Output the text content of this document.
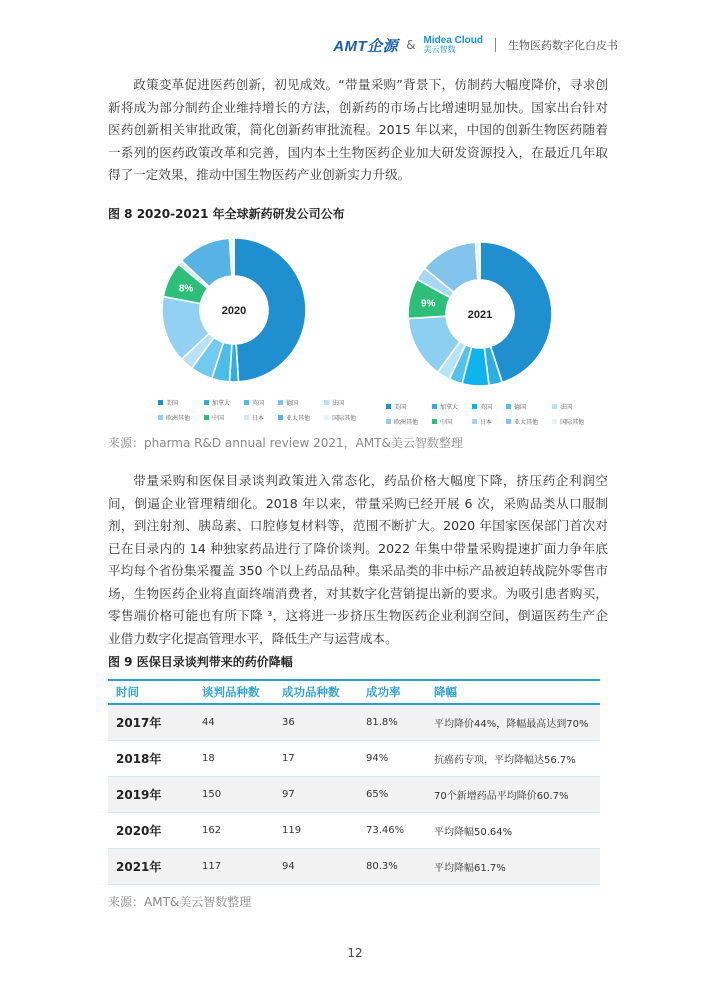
AMT企源 & Midea Cloud
美云智数	生物医药数字化白皮书

政策变革促进医药创新，初见成效。“带量采购”背景下，仿制药大幅度降价，寻求创新将成为部分制药企业维持增长的方法，创新药的市场占比增速明显加快。国家出台针对医药创新相关审批政策，简化创新药审批流程。2015 年以来，中国的创新生物医药随着一系列的医药政策改革和完善，国内本土生物医药企业加大研发资源投入，在最近几年取得了一定效果，推动中国生物医药产业创新实力升级。

图 8 2020-2021 年全球新药研发公司公布
2020
8%
2021
9%
美国	加拿大	英国	德国	法国
欧洲其他	中国	日本	亚太其他	国际其他
美国	加拿大	英国	德国	法国
欧洲其他	中国	日本	亚太其他	国际其他
来源：pharma R&D annual review 2021，AMT&美云智数整理

带量采购和医保目录谈判政策进入常态化，药品价格大幅度下降，挤压药企利润空间，倒逼企业管理精细化。2018 年以来，带量采购已经开展 6 次，采购品类从口服制剂，到注射剂、胰岛素、口腔修复材料等，范围不断扩大。2020 年国家医保部门首次对已在目录内的 14 种独家药品进行了降价谈判。2022 年集中带量采购提速扩面力争年底平均每个省份集采覆盖 350 个以上药品品种。集采品类的非中标产品被迫转战院外零售市场，生物医药企业将直面终端消费者，对其数字化营销提出新的要求。为吸引患者购买，零售端价格可能也有所下降 ³，这将进一步挤压生物医药企业利润空间，倒逼医药生产企业借力数字化提高管理水平，降低生产与运营成本。

图 9 医保目录谈判带来的药价降幅
时间	谈判品种数	成功品种数	成功率	降幅
2017年	44	36	81.8%	平均降价44%，降幅最高达到70%
2018年	18	17	94%	抗癌药专项，平均降幅达56.7%
2019年	150	97	65%	70个新增药品平均降价60.7%
2020年	162	119	73.46%	平均降幅50.64%
2021年	117	94	80.3%	平均降幅61.7%
来源：AMT&美云智数整理
12
